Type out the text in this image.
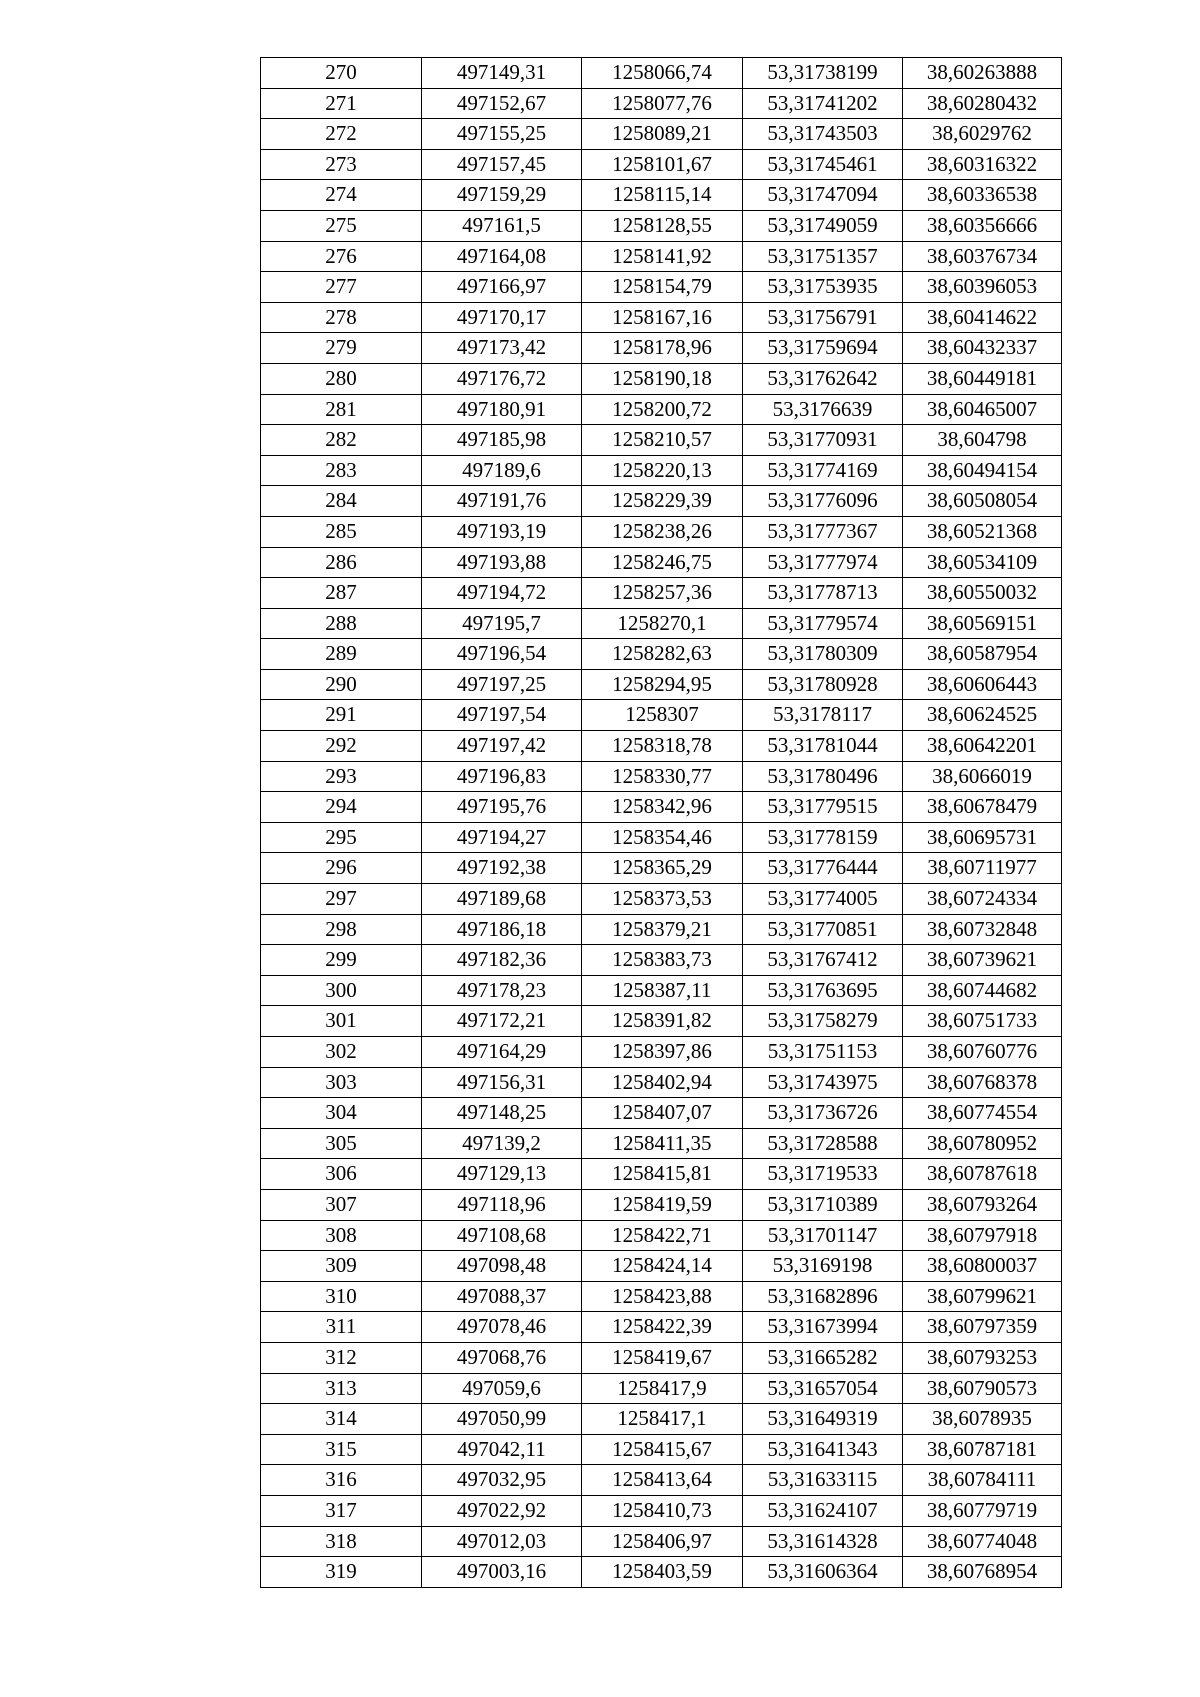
270	497149,31	1258066,74	53,31738199	38,60263888
271	497152,67	1258077,76	53,31741202	38,60280432
272	497155,25	1258089,21	53,31743503	38,6029762
273	497157,45	1258101,67	53,31745461	38,60316322
274	497159,29	1258115,14	53,31747094	38,60336538
275	497161,5	1258128,55	53,31749059	38,60356666
276	497164,08	1258141,92	53,31751357	38,60376734
277	497166,97	1258154,79	53,31753935	38,60396053
278	497170,17	1258167,16	53,31756791	38,60414622
279	497173,42	1258178,96	53,31759694	38,60432337
280	497176,72	1258190,18	53,31762642	38,60449181
281	497180,91	1258200,72	53,3176639	38,60465007
282	497185,98	1258210,57	53,31770931	38,604798
283	497189,6	1258220,13	53,31774169	38,60494154
284	497191,76	1258229,39	53,31776096	38,60508054
285	497193,19	1258238,26	53,31777367	38,60521368
286	497193,88	1258246,75	53,31777974	38,60534109
287	497194,72	1258257,36	53,31778713	38,60550032
288	497195,7	1258270,1	53,31779574	38,60569151
289	497196,54	1258282,63	53,31780309	38,60587954
290	497197,25	1258294,95	53,31780928	38,60606443
291	497197,54	1258307	53,3178117	38,60624525
292	497197,42	1258318,78	53,31781044	38,60642201
293	497196,83	1258330,77	53,31780496	38,6066019
294	497195,76	1258342,96	53,31779515	38,60678479
295	497194,27	1258354,46	53,31778159	38,60695731
296	497192,38	1258365,29	53,31776444	38,60711977
297	497189,68	1258373,53	53,31774005	38,60724334
298	497186,18	1258379,21	53,31770851	38,60732848
299	497182,36	1258383,73	53,31767412	38,60739621
300	497178,23	1258387,11	53,31763695	38,60744682
301	497172,21	1258391,82	53,31758279	38,60751733
302	497164,29	1258397,86	53,31751153	38,60760776
303	497156,31	1258402,94	53,31743975	38,60768378
304	497148,25	1258407,07	53,31736726	38,60774554
305	497139,2	1258411,35	53,31728588	38,60780952
306	497129,13	1258415,81	53,31719533	38,60787618
307	497118,96	1258419,59	53,31710389	38,60793264
308	497108,68	1258422,71	53,31701147	38,60797918
309	497098,48	1258424,14	53,3169198	38,60800037
310	497088,37	1258423,88	53,31682896	38,60799621
311	497078,46	1258422,39	53,31673994	38,60797359
312	497068,76	1258419,67	53,31665282	38,60793253
313	497059,6	1258417,9	53,31657054	38,60790573
314	497050,99	1258417,1	53,31649319	38,6078935
315	497042,11	1258415,67	53,31641343	38,60787181
316	497032,95	1258413,64	53,31633115	38,60784111
317	497022,92	1258410,73	53,31624107	38,60779719
318	497012,03	1258406,97	53,31614328	38,60774048
319	497003,16	1258403,59	53,31606364	38,60768954
